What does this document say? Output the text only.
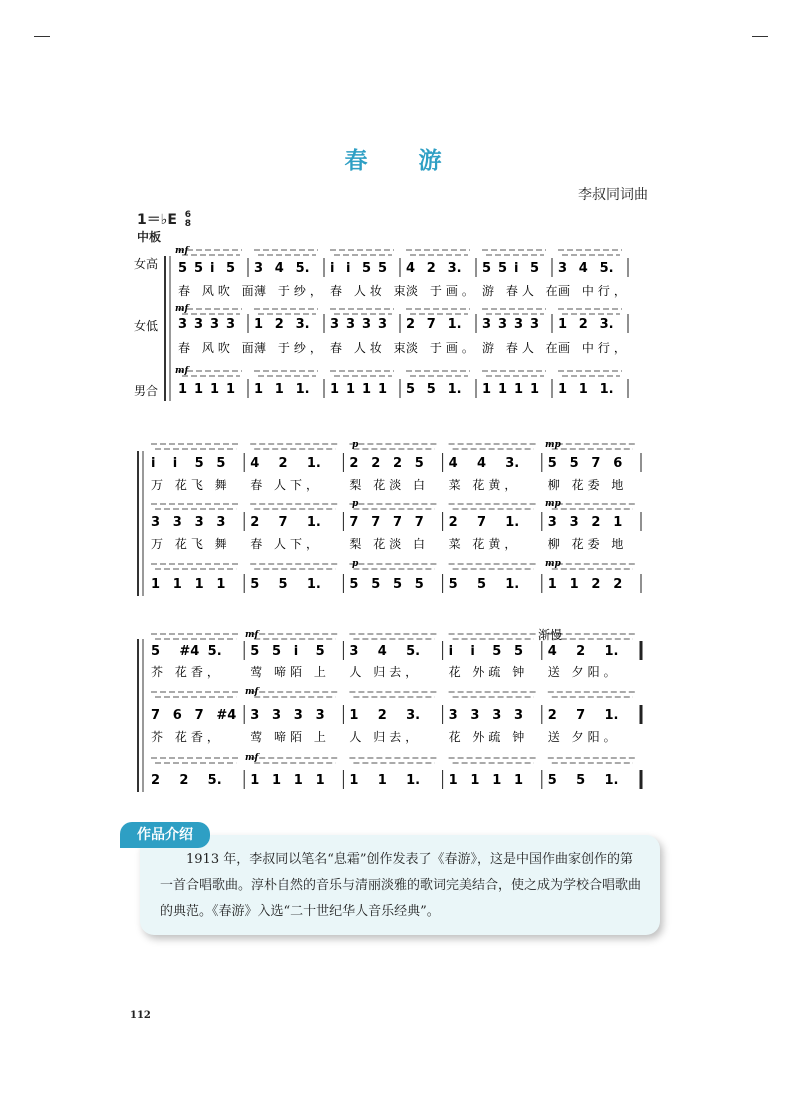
春　游
李叔同词曲
1＝♭E 6
8
中板
女高
女低
男合
mf
mf
mf
5 5 i 5 3 4 5. i i 5 5 4 2 3. 5 5 i 5 3 4 5.
3 3 3 3 1 2 3. 3 3 3 3 2 7 1. 3 3 3 3 1 2 3.
1 1 1 1 1 1 1. 1 1 1 1 5 5 1. 1 1 1 1 1 1 1.
春 风吹 面
薄 于纱， 春 人妆 束
淡 于画。 游 春人 在
画 中行，
春 风吹 面
薄 于纱， 春 人妆 束
淡 于画。 游 春人 在
画 中行，
p	mp
p	mp
p	mp
i i 5 5 4 2 1. 2 2 2 5 4 4 3. 5 5 7 6
3 3 3 3 2 7 1. 7 7 7 7 2 7 1. 3 3 2 1
1 1 1 1 5 5 1. 5 5 5 5 5 5 1. 1 1 2 2
万 花飞 舞 春 人下， 梨 花淡 白 菜 花黄， 柳 花委 地
万 花飞 舞 春 人下， 梨 花淡 白 菜 花黄， 柳 花委 地
mf
mf
mf
渐慢
5 #4 5. 5 5 i 5 3 4 5. i i 5 5 4 2 1.
7 6 7 #4 3 3 3 3 1 2 3. 3 3 3 3 2 7 1.
2 2 5. 1 1 1 1 1 1 1. 1 1 1 1 5 5 1.
芥 花香， 莺 啼陌 上 人 归去， 花 外疏 钟 送 夕阳。
芥 花香， 莺 啼陌 上 人 归去， 花 外疏 钟 送 夕阳。
作品介绍
1913 年，李叔同以笔名“息霜”创作发表了《春游》，这是中国作曲家创作的第一首合唱歌曲。淳朴自然的音乐与清丽淡雅的歌词完美结合，使之成为学校合唱歌曲的典范。《春游》入选“二十世纪华人音乐经典”。
112
